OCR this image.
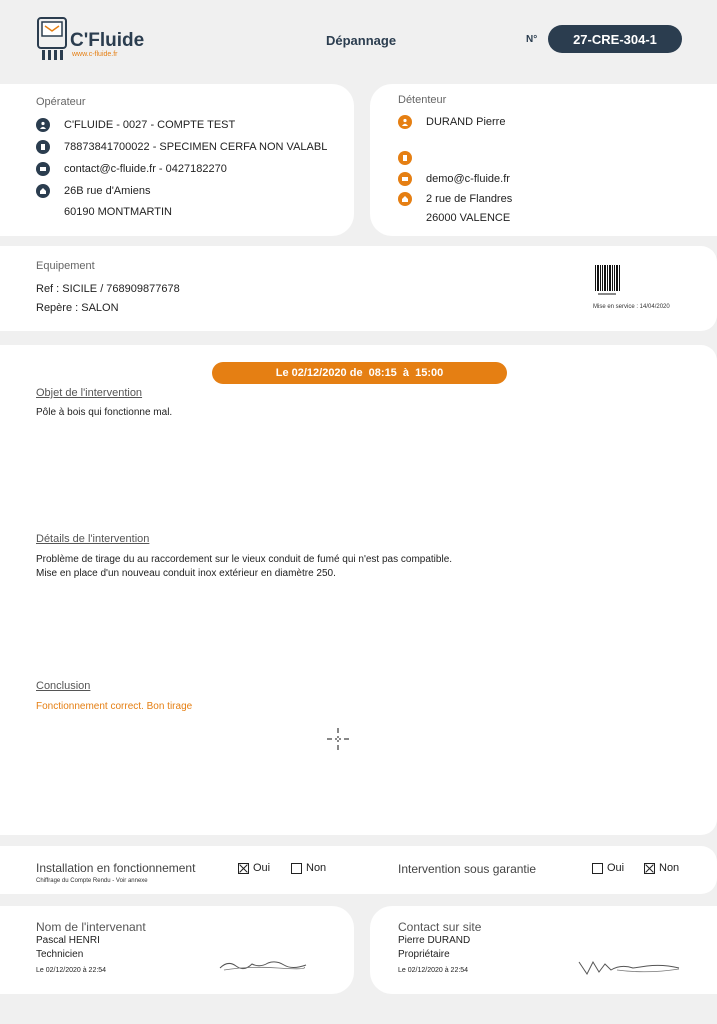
C'Fluide
www.c-fluide.fr
Dépannage	N°	27-CRE-304-1
Opérateur
C'FLUIDE - 0027 - COMPTE TEST
78873841700022 - SPECIMEN CERFA NON VALABL
contact@c-fluide.fr - 0427182270
26B rue d'Amiens
60190 MONTMARTIN
Détenteur
DURAND Pierre
demo@c-fluide.fr
2 rue de Flandres
26000 VALENCE
Equipement
Ref : SICILE / 768909877678
Repère : SALON	Mise en service : 14/04/2020
Le 02/12/2020 de  08:15  à  15:00
Objet de l'intervention
Pôle à bois qui fonctionne mal.
Détails de l'intervention
Problème de tirage du au raccordement sur le vieux conduit de fumé qui n'est pas compatible.
Mise en place d'un nouveau conduit inox extérieur en diamètre 250.
Conclusion
Fonctionnement correct. Bon tirage
Installation en fonctionnement
Chiffrage du Compte Rendu - Voir annexe
Oui	Non	Intervention sous garantie	Oui	Non
Nom de l'intervenant
Pascal HENRI
Technicien
Le 02/12/2020 à 22:54
Contact sur site
Pierre DURAND
Propriétaire
Le 02/12/2020 à 22:54
